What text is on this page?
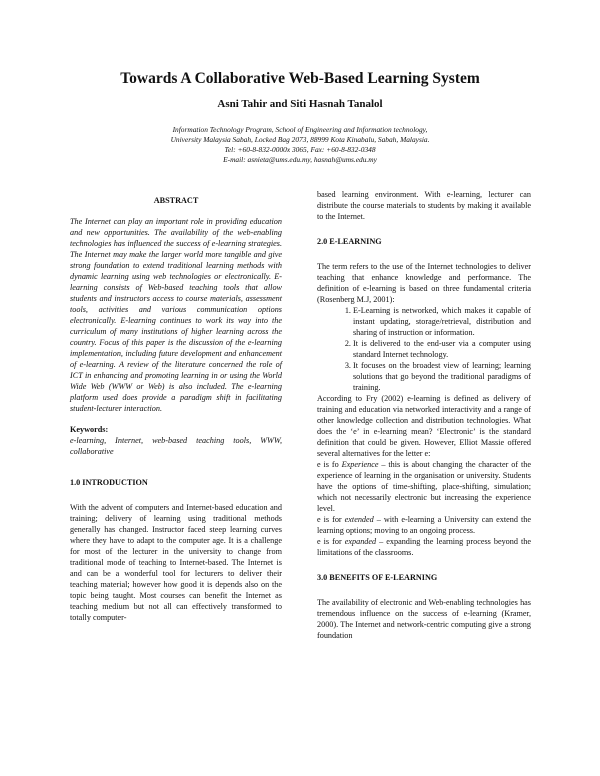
Towards A Collaborative Web-Based Learning System
Asni Tahir and Siti Hasnah Tanalol
Information Technology Program, School of Engineering and Information technology,
University Malaysia Sabah, Locked Bag 2073, 88999 Kota Kinabalu, Sabah, Malaysia.
Tel: +60-8-832-0000x 3065, Fax: +60-8-832-0348
E-mail: asnieta@ums.edu.my, hasnah@ums.edu.my
ABSTRACT

The Internet can play an important role in providing education and new opportunities. The availability of the web-enabling technologies has influenced the success of e-learning strategies. The Internet may make the larger world more tangible and give strong foundation to extend traditional learning methods with dynamic learning using web technologies or electronically. E-learning consists of Web-based teaching tools that allow students and instructors access to course materials, assessment tools, activities and various communication options electronically. E-learning continues to work its way into the curriculum of many institutions of higher learning across the country. Focus of this paper is the discussion of the e-learning implementation, including future development and enhancement of e-learning. A review of the literature concerned the role of ICT in enhancing and promoting learning in or using the World Wide Web (WWW or Web) is also included. The e-learning platform used does provide a paradigm shift in facilitating student-lecturer interaction.

Keywords:

e-learning, Internet, web-based teaching tools, WWW, collaborative

1.0 INTRODUCTION

With the advent of computers and Internet-based education and training; delivery of learning using traditional methods generally has changed. Instructor faced steep learning curves where they have to adapt to the computer age. It is a challenge for most of the lecturer in the university to change from traditional mode of teaching to Internet-based. The Internet is and can be a wonderful tool for lecturers to deliver their teaching material; however how good it is depends also on the topic being taught. Most courses can benefit the Internet as teaching medium but not all can effectively transformed to totally computer-

based learning environment. With e-learning, lecturer can distribute the course materials to students by making it available to the Internet.

2.0 E-LEARNING

The term refers to the use of the Internet technologies to deliver teaching that enhance knowledge and performance. The definition of e-learning is based on three fundamental criteria (Rosenberg M.J, 2001):

1. E-Learning is networked, which makes it capable of instant updating, storage/retrieval, distribution and sharing of instruction or information.
2. It is delivered to the end-user via a computer using standard Internet technology.
3. It focuses on the broadest view of learning; learning solutions that go beyond the traditional paradigms of training.

According to Fry (2002) e-learning is defined as delivery of training and education via networked interactivity and a range of other knowledge collection and distribution technologies. What does the ‘e’ in e-learning mean? ‘Electronic’ is the standard definition that could be given. However, Elliot Massie offered several alternatives for the letter e:

e is fo Experience – this is about changing the character of the experience of learning in the organisation or university. Students have the options of time-shifting, place-shifting, simulation; which not necessarily electronic but increasing the experience level.

e is for extended – with e-learning a University can extend the learning options; moving to an ongoing process.

e is for expanded – expanding the learning process beyond the limitations of the classrooms.

3.0 BENEFITS OF E-LEARNING

The availability of electronic and Web-enabling technologies has tremendous influence on the success of e-learning (Kramer, 2000). The Internet and network-centric computing give a strong foundation
